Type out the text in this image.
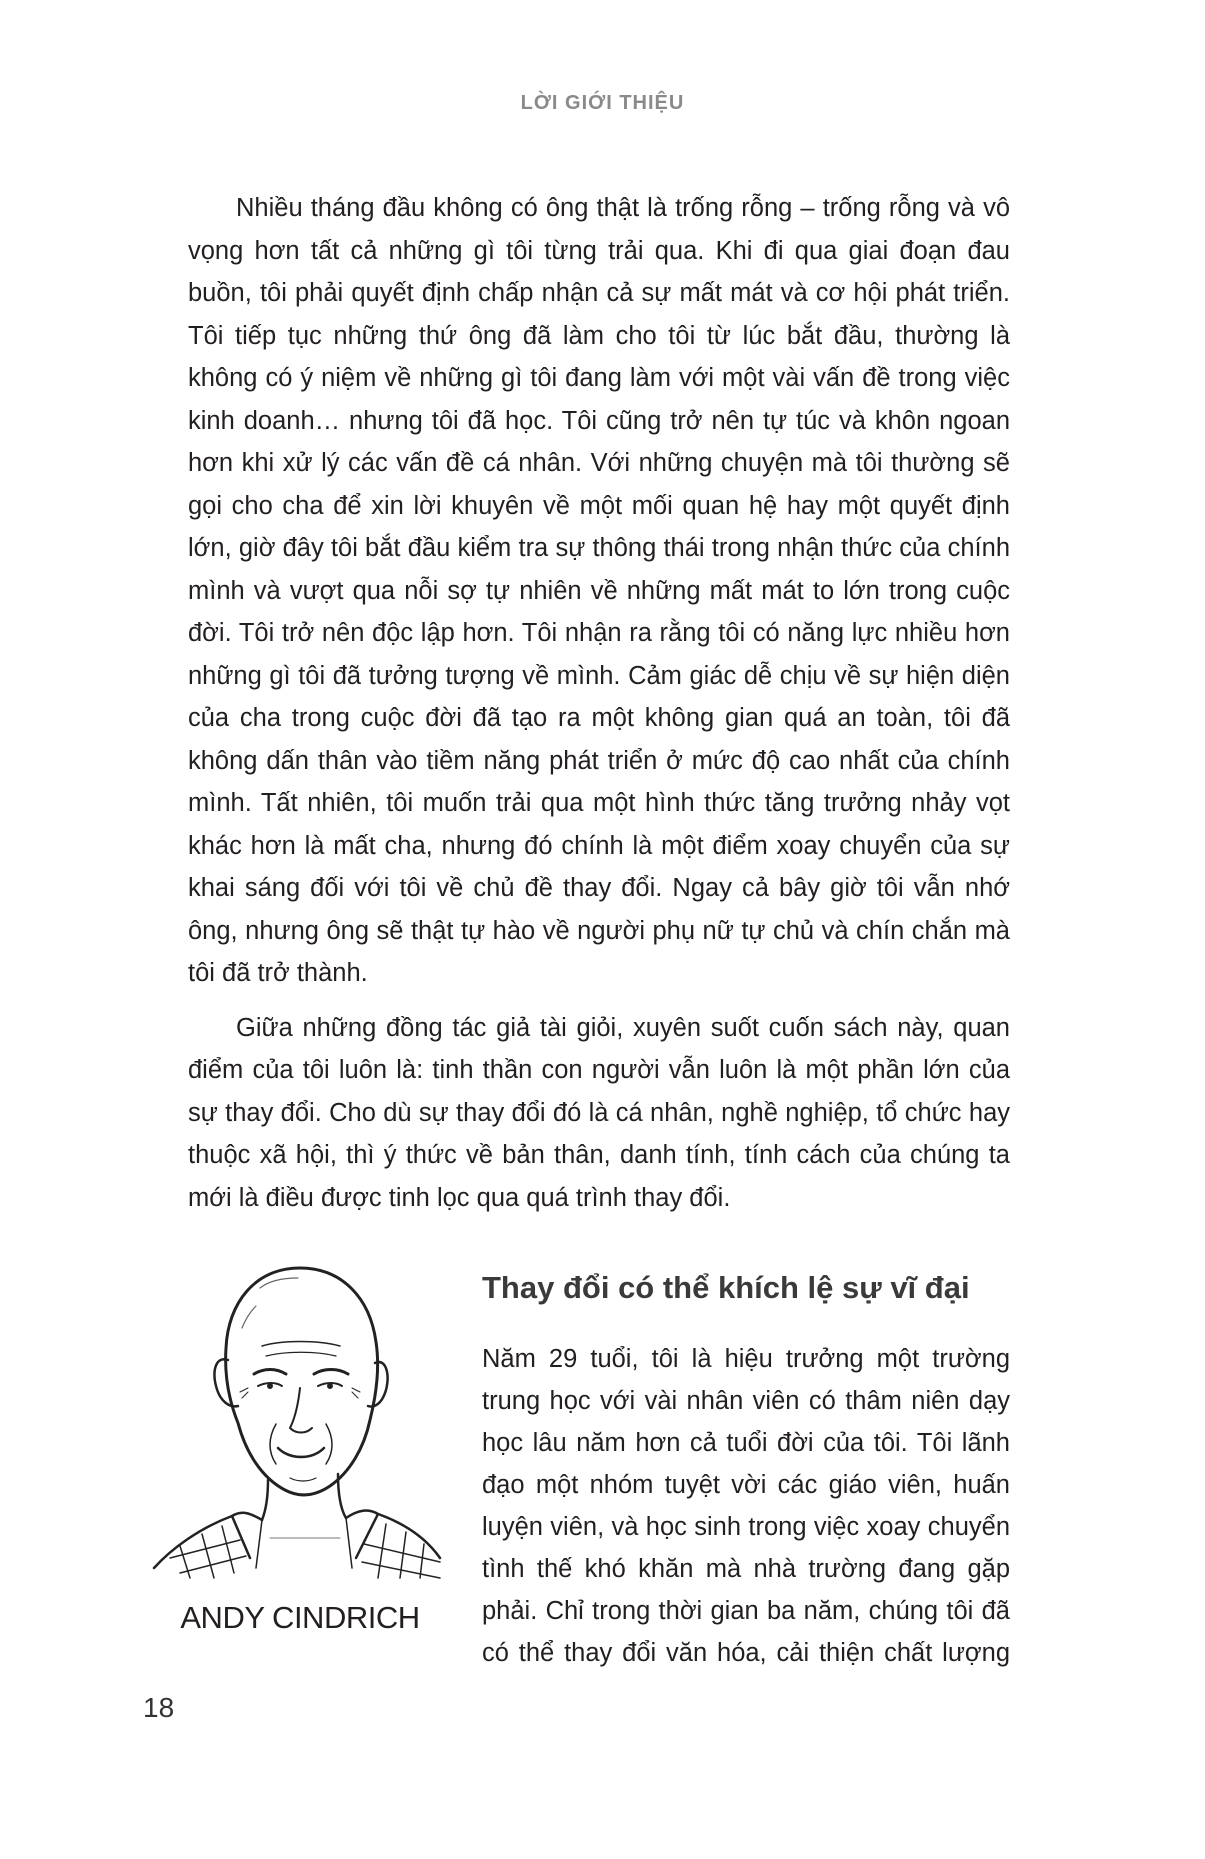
LỜI GIỚI THIỆU

Nhiều tháng đầu không có ông thật là trống rỗng – trống rỗng và vô vọng hơn tất cả những gì tôi từng trải qua. Khi đi qua giai đoạn đau buồn, tôi phải quyết định chấp nhận cả sự mất mát và cơ hội phát triển. Tôi tiếp tục những thứ ông đã làm cho tôi từ lúc bắt đầu, thường là không có ý niệm về những gì tôi đang làm với một vài vấn đề trong việc kinh doanh… nhưng tôi đã học. Tôi cũng trở nên tự túc và khôn ngoan hơn khi xử lý các vấn đề cá nhân. Với những chuyện mà tôi thường sẽ gọi cho cha để xin lời khuyên về một mối quan hệ hay một quyết định lớn, giờ đây tôi bắt đầu kiểm tra sự thông thái trong nhận thức của chính mình và vượt qua nỗi sợ tự nhiên về những mất mát to lớn trong cuộc đời. Tôi trở nên độc lập hơn. Tôi nhận ra rằng tôi có năng lực nhiều hơn những gì tôi đã tưởng tượng về mình. Cảm giác dễ chịu về sự hiện diện của cha trong cuộc đời đã tạo ra một không gian quá an toàn, tôi đã không dấn thân vào tiềm năng phát triển ở mức độ cao nhất của chính mình. Tất nhiên, tôi muốn trải qua một hình thức tăng trưởng nhảy vọt khác hơn là mất cha, nhưng đó chính là một điểm xoay chuyển của sự khai sáng đối với tôi về chủ đề thay đổi. Ngay cả bây giờ tôi vẫn nhớ ông, nhưng ông sẽ thật tự hào về người phụ nữ tự chủ và chín chắn mà tôi đã trở thành.

Giữa những đồng tác giả tài giỏi, xuyên suốt cuốn sách này, quan điểm của tôi luôn là: tinh thần con người vẫn luôn là một phần lớn của sự thay đổi. Cho dù sự thay đổi đó là cá nhân, nghề nghiệp, tổ chức hay thuộc xã hội, thì ý thức về bản thân, danh tính, tính cách của chúng ta mới là điều được tinh lọc qua quá trình thay đổi.

ANDY CINDRICH
Thay đổi có thể khích lệ sự vĩ đại

Năm 29 tuổi, tôi là hiệu trưởng một trường

trung học với vài nhân viên có thâm niên dạy

học lâu năm hơn cả tuổi đời của tôi. Tôi lãnh

đạo một nhóm tuyệt vời các giáo viên, huấn

luyện viên, và học sinh trong việc xoay chuyển

tình thế khó khăn mà nhà trường đang gặp

phải. Chỉ trong thời gian ba năm, chúng tôi đã

có thể thay đổi văn hóa, cải thiện chất lượng

18
